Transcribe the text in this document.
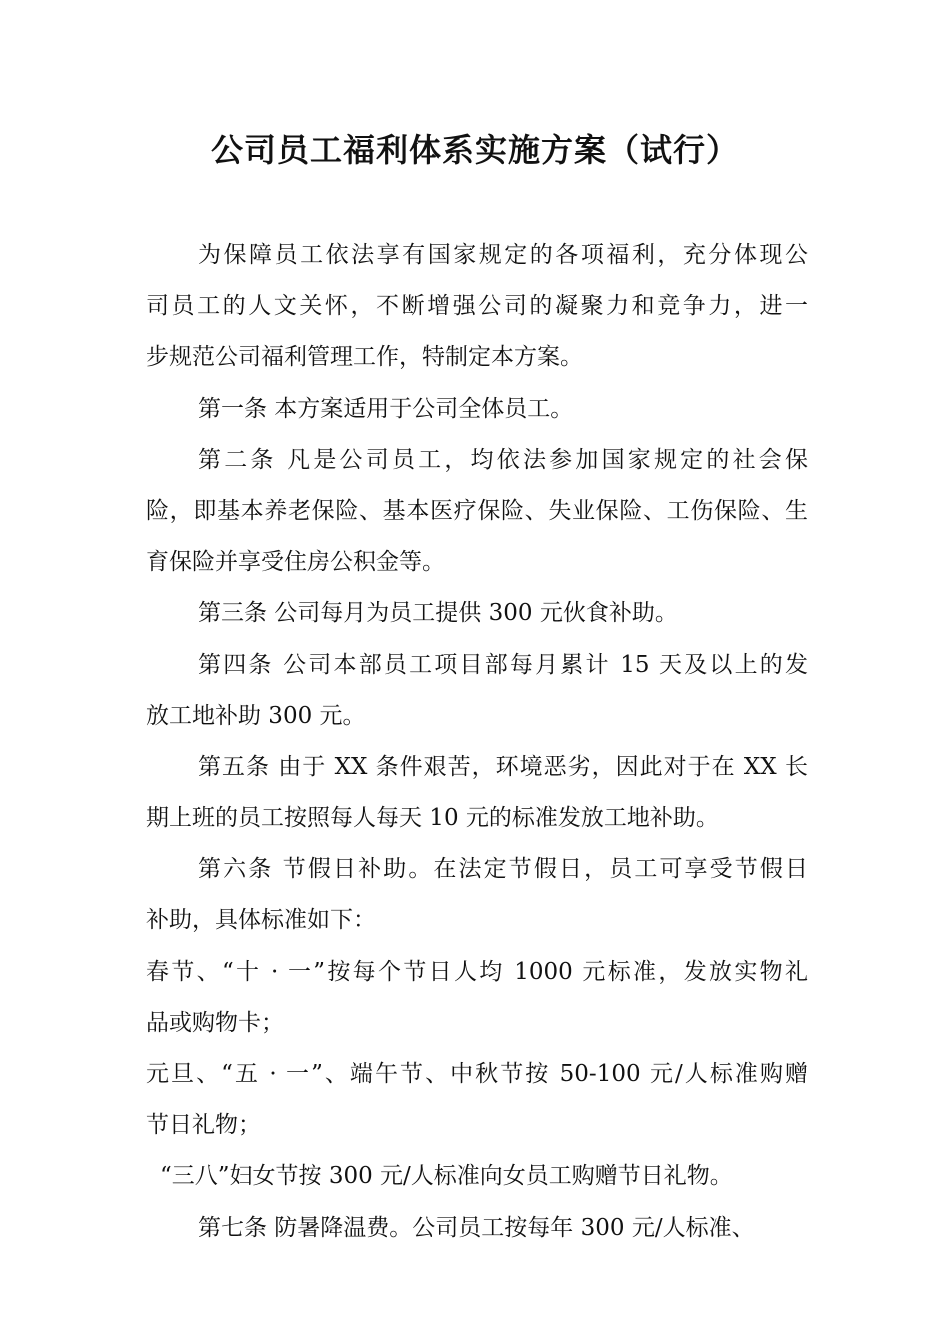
公司员工福利体系实施方案（试行）
为保障员工依法享有国家规定的各项福利，充分体现公
司员工的人文关怀，不断增强公司的凝聚力和竞争力，进一
步规范公司福利管理工作，特制定本方案。
第一条 本方案适用于公司全体员工。
第二条 凡是公司员工，均依法参加国家规定的社会保
险，即基本养老保险、基本医疗保险、失业保险、工伤保险、生
育保险并享受住房公积金等。
第三条 公司每月为员工提供 300 元伙食补助。
第四条 公司本部员工项目部每月累计 15 天及以上的发
放工地补助 300 元。
第五条 由于 XX 条件艰苦，环境恶劣，因此对于在 XX 长
期上班的员工按照每人每天 10 元的标准发放工地补助。
第六条 节假日补助。在法定节假日，员工可享受节假日
补助，具体标准如下：
春节、“十 · 一”按每个节日人均 1000 元标准，发放实物礼
品或购物卡；
元旦、“五 · 一”、端午节、中秋节按 50-100 元/人标准购赠
节日礼物；
“三八”妇女节按 300 元/人标准向女员工购赠节日礼物。
第七条 防暑降温费。公司员工按每年 300 元/人标准、
